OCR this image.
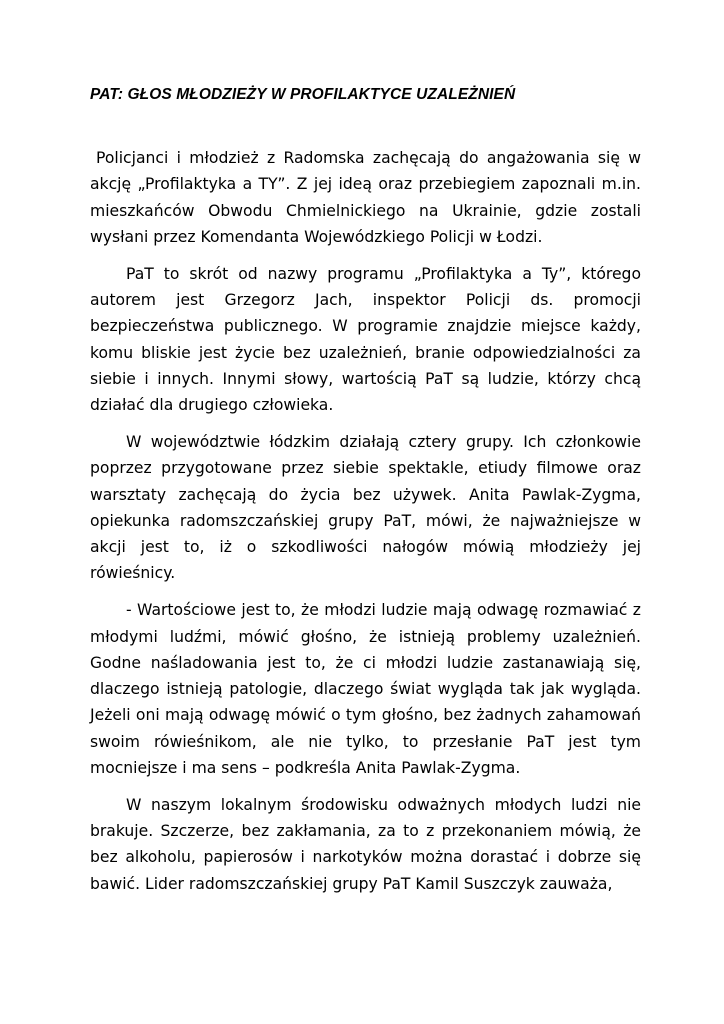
PAT: GŁOS MŁODZIEŻY W PROFILAKTYCE UZALEŻNIEŃ

Policjanci i młodzież z Radomska zachęcają do angażowania się w akcję „Profilaktyka a TY”. Z jej ideą oraz przebiegiem zapoznali m.in. mieszkańców Obwodu Chmielnickiego na Ukrainie, gdzie zostali wysłani przez Komendanta Wojewódzkiego Policji w Łodzi.

PaT to skrót od nazwy programu „Profilaktyka a Ty”, którego autorem jest Grzegorz Jach, inspektor Policji ds. promocji bezpieczeństwa publicznego. W programie znajdzie miejsce każdy, komu bliskie jest życie bez uzależnień, branie odpowiedzialności za siebie i innych. Innymi słowy, wartością PaT są ludzie, którzy chcą działać dla drugiego człowieka.

W województwie łódzkim działają cztery grupy. Ich członkowie poprzez przygotowane przez siebie spektakle, etiudy filmowe oraz warsztaty zachęcają do życia bez używek. Anita Pawlak-Zygma, opiekunka radomszczańskiej grupy PaT, mówi, że najważniejsze w akcji jest to, iż o szkodliwości nałogów mówią młodzieży jej rówieśnicy.

- Wartościowe jest to, że młodzi ludzie mają odwagę rozmawiać z młodymi ludźmi, mówić głośno, że istnieją problemy uzależnień. Godne naśladowania jest to, że ci młodzi ludzie zastanawiają się, dlaczego istnieją patologie, dlaczego świat wygląda tak jak wygląda. Jeżeli oni mają odwagę mówić o tym głośno, bez żadnych zahamowań swoim rówieśnikom, ale nie tylko, to przesłanie PaT jest tym mocniejsze i ma sens – podkreśla Anita Pawlak-Zygma.

W naszym lokalnym środowisku odważnych młodych ludzi nie brakuje. Szczerze, bez zakłamania, za to z przekonaniem mówią, że bez alkoholu, papierosów i narkotyków można dorastać i dobrze się bawić. Lider radomszczańskiej grupy PaT Kamil Suszczyk zauważa,
